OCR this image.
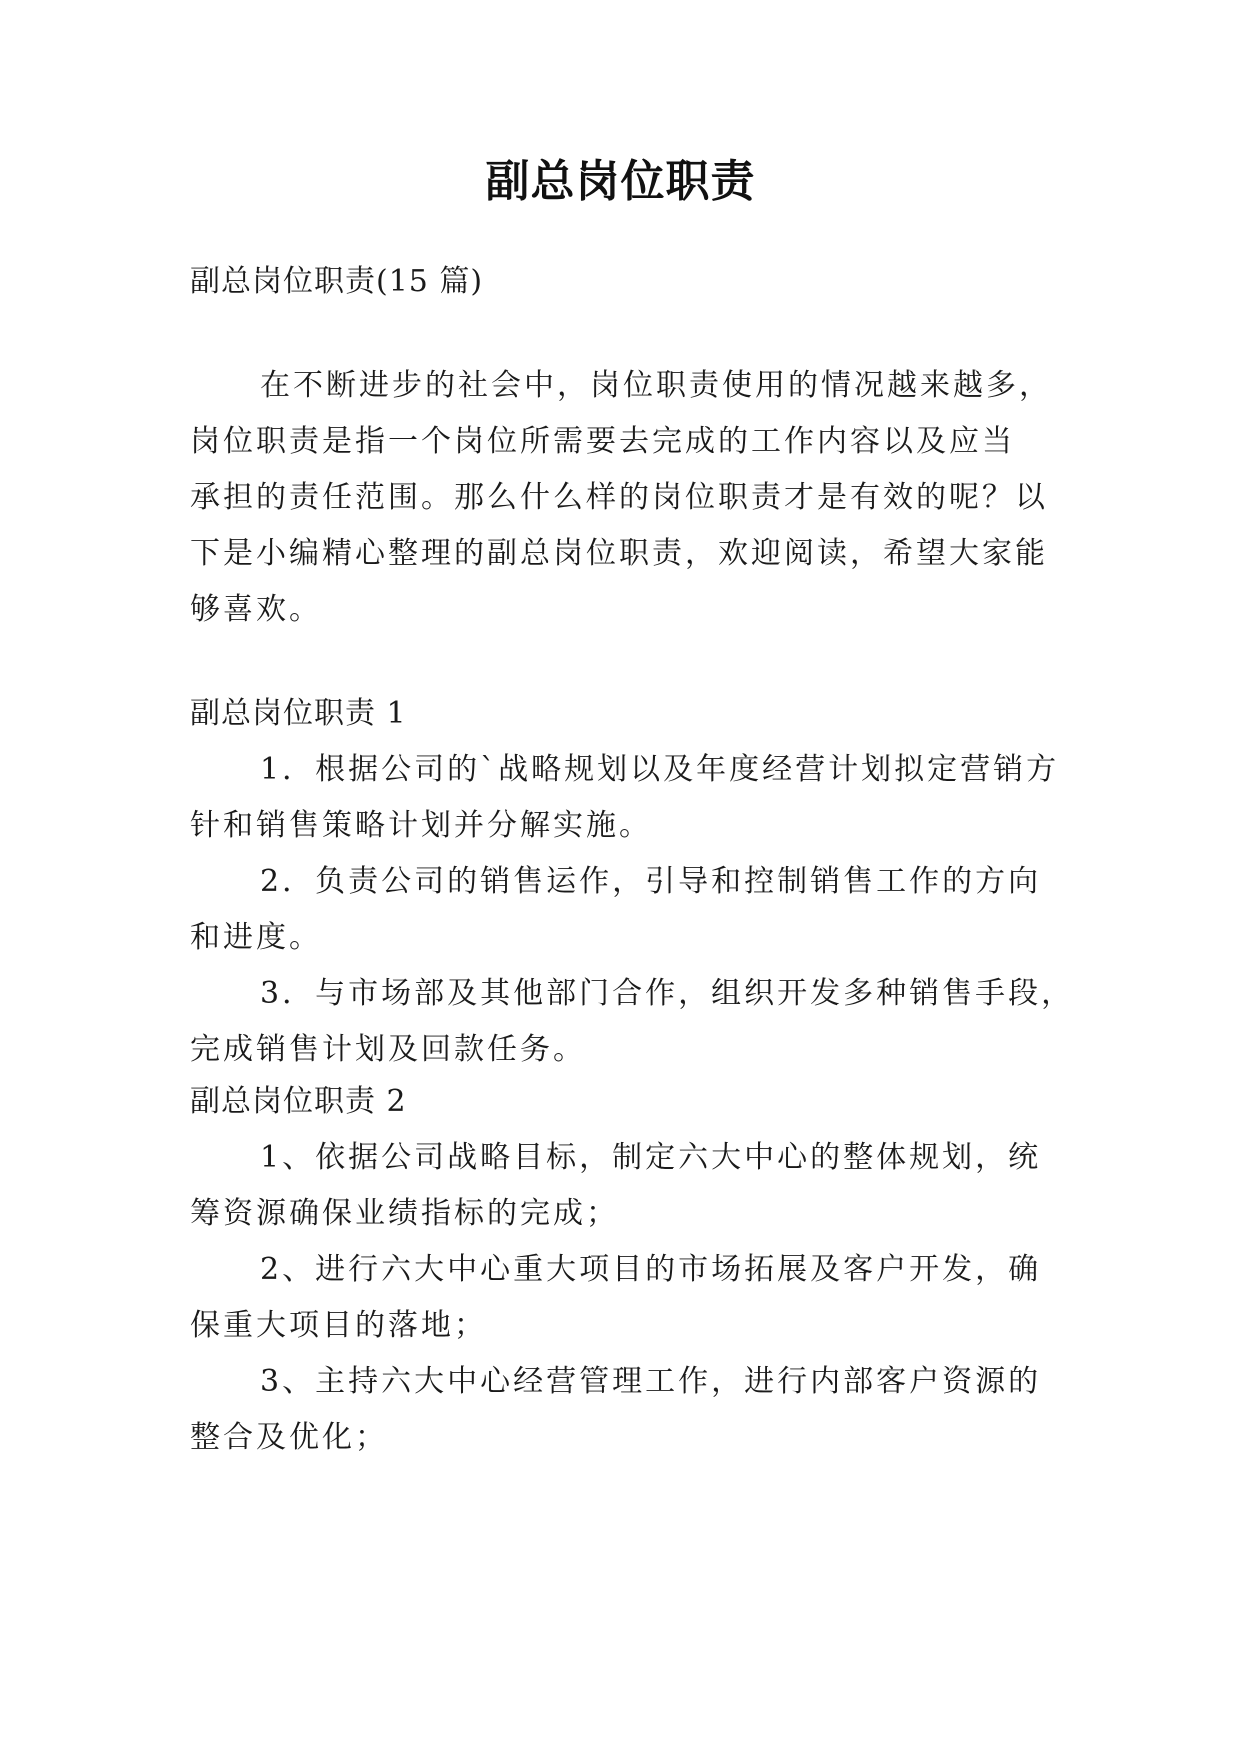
副总岗位职责
副总岗位职责(15 篇)
在不断进步的社会中，岗位职责使用的情况越来越多，
岗位职责是指一个岗位所需要去完成的工作内容以及应当
承担的责任范围。那么什么样的岗位职责才是有效的呢？以
下是小编精心整理的副总岗位职责，欢迎阅读，希望大家能
够喜欢。
副总岗位职责 1
1．根据公司的`战略规划以及年度经营计划拟定营销方
针和销售策略计划并分解实施。
2．负责公司的销售运作，引导和控制销售工作的方向
和进度。
3．与市场部及其他部门合作，组织开发多种销售手段，
完成销售计划及回款任务。
副总岗位职责 2
1、依据公司战略目标，制定六大中心的整体规划，统
筹资源确保业绩指标的完成；
2、进行六大中心重大项目的市场拓展及客户开发，确
保重大项目的落地；
3、主持六大中心经营管理工作，进行内部客户资源的
整合及优化；
